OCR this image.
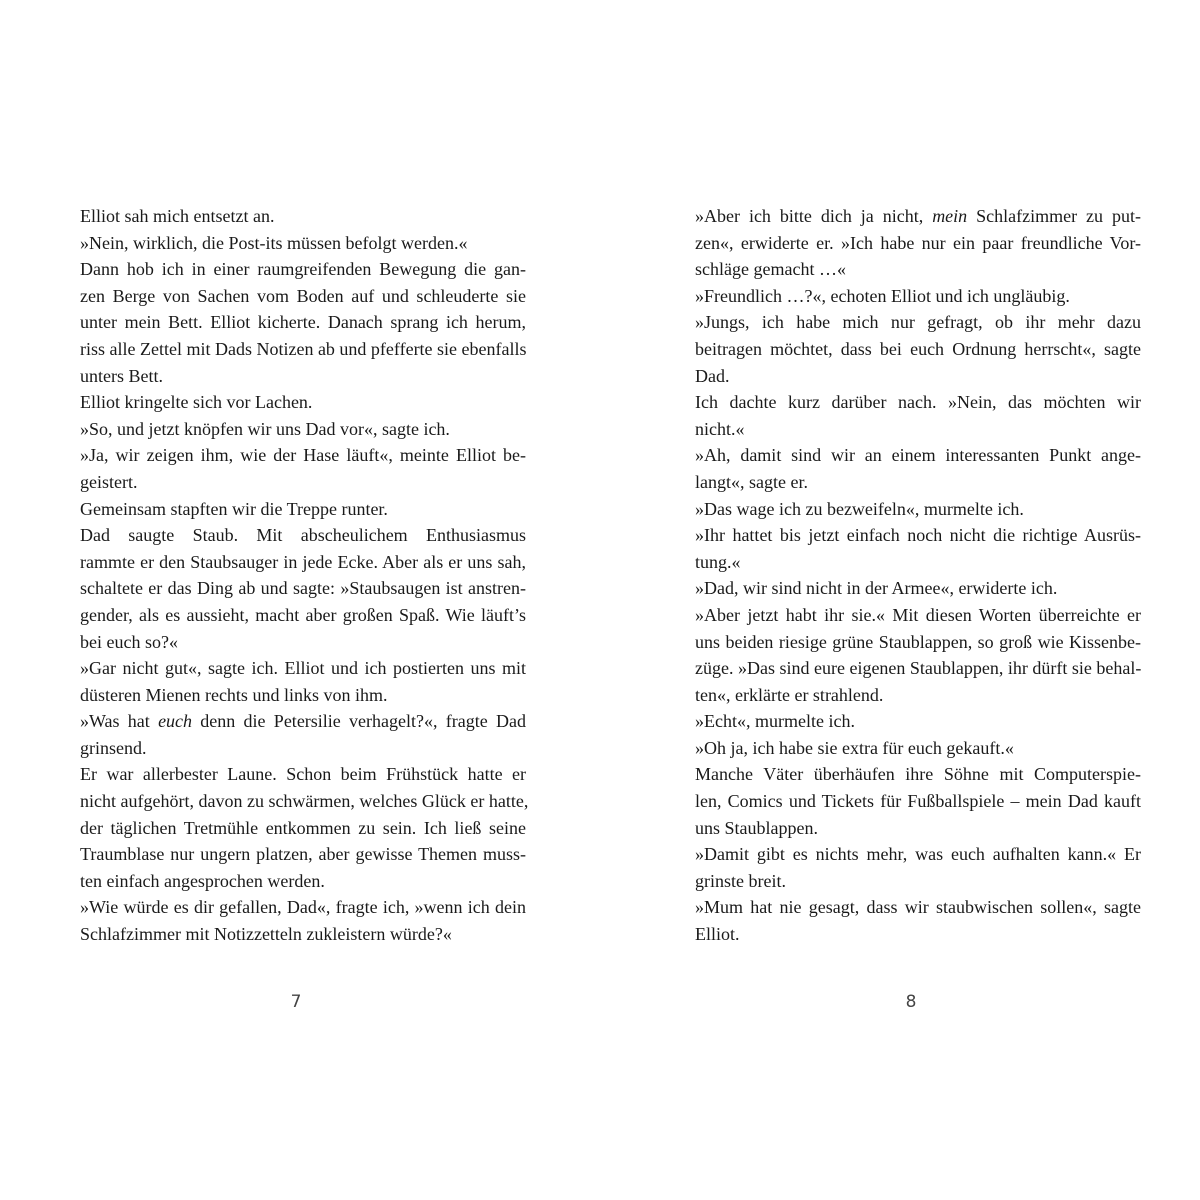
Elliot sah mich entsetzt an.
»Nein, wirklich, die Post-its müssen befolgt werden.«
Dann hob ich in einer raumgreifenden Bewegung die gan-
zen Berge von Sachen vom Boden auf und schleuderte sie
unter mein Bett. Elliot kicherte. Danach sprang ich herum,
riss alle Zettel mit Dads Notizen ab und pfefferte sie ebenfalls
unters Bett.
Elliot kringelte sich vor Lachen.
»So, und jetzt knöpfen wir uns Dad vor«, sagte ich.
»Ja, wir zeigen ihm, wie der Hase läuft«, meinte Elliot be-
geistert.
Gemeinsam stapften wir die Treppe runter.
Dad saugte Staub. Mit abscheulichem Enthusiasmus
rammte er den Staubsauger in jede Ecke. Aber als er uns sah,
schaltete er das Ding ab und sagte: »Staubsaugen ist anstren-
gender, als es aussieht, macht aber großen Spaß. Wie läuft’s
bei euch so?«
»Gar nicht gut«, sagte ich. Elliot und ich postierten uns mit
düsteren Mienen rechts und links von ihm.
»Was hat euch denn die Petersilie verhagelt?«, fragte Dad
grinsend.
Er war allerbester Laune. Schon beim Frühstück hatte er
nicht aufgehört, davon zu schwärmen, welches Glück er hatte,
der täglichen Tretmühle entkommen zu sein. Ich ließ seine
Traumblase nur ungern platzen, aber gewisse Themen muss-
ten einfach angesprochen werden.
»Wie würde es dir gefallen, Dad«, fragte ich, »wenn ich dein
Schlafzimmer mit Notizzetteln zukleistern würde?«
»Aber ich bitte dich ja nicht, mein Schlafzimmer zu put-
zen«, erwiderte er. »Ich habe nur ein paar freundliche Vor-
schläge gemacht …«
»Freundlich …?«, echoten Elliot und ich ungläubig.
»Jungs, ich habe mich nur gefragt, ob ihr mehr dazu
beitragen möchtet, dass bei euch Ordnung herrscht«, sagte
Dad.
Ich dachte kurz darüber nach. »Nein, das möchten wir
nicht.«
»Ah, damit sind wir an einem interessanten Punkt ange-
langt«, sagte er.
»Das wage ich zu bezweifeln«, murmelte ich.
»Ihr hattet bis jetzt einfach noch nicht die richtige Ausrüs-
tung.«
»Dad, wir sind nicht in der Armee«, erwiderte ich.
»Aber jetzt habt ihr sie.« Mit diesen Worten überreichte er
uns beiden riesige grüne Staublappen, so groß wie Kissenbe-
züge. »Das sind eure eigenen Staublappen, ihr dürft sie behal-
ten«, erklärte er strahlend.
»Echt«, murmelte ich.
»Oh ja, ich habe sie extra für euch gekauft.«
Manche Väter überhäufen ihre Söhne mit Computerspie-
len, Comics und Tickets für Fußballspiele – mein Dad kauft
uns Staublappen.
»Damit gibt es nichts mehr, was euch aufhalten kann.« Er
grinste breit.
»Mum hat nie gesagt, dass wir staubwischen sollen«, sagte
Elliot.
7	8
